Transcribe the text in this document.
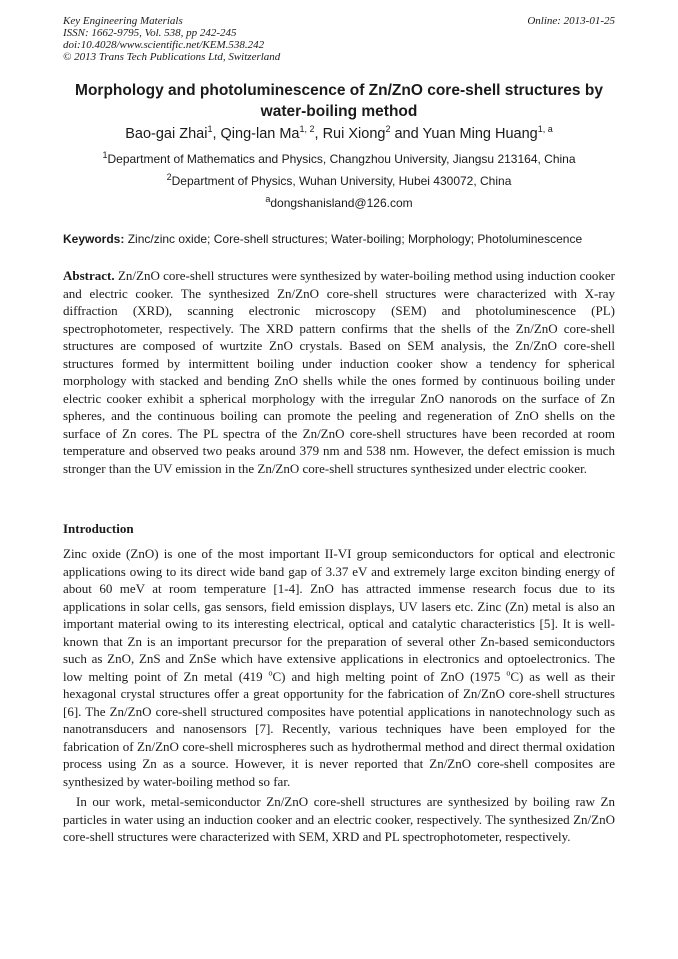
Key Engineering Materials
ISSN: 1662-9795, Vol. 538, pp 242-245
doi:10.4028/www.scientific.net/KEM.538.242
© 2013 Trans Tech Publications Ltd, Switzerland
Online: 2013-01-25
Morphology and photoluminescence of Zn/ZnO core-shell structures by
water-boiling method
Bao-gai Zhai$^1$, Qing-lan Ma$^{1, 2}$, Rui Xiong$^2$ and Yuan Ming Huang$^{1, a}$
$^1$Department of Mathematics and Physics, Changzhou University, Jiangsu 213164, China
$^2$Department of Physics, Wuhan University, Hubei 430072, China
$^a$dongshanisland@126.com
Keywords: Zinc/zinc oxide; Core-shell structures; Water-boiling; Morphology; Photoluminescence
Abstract. Zn/ZnO core-shell structures were synthesized by water-boiling method using induction cooker and electric cooker. The synthesized Zn/ZnO core-shell structures were characterized with X-ray diffraction (XRD), scanning electronic microscopy (SEM) and photoluminescence (PL) spectrophotometer, respectively. The XRD pattern confirms that the shells of the Zn/ZnO core-shell structures are composed of wurtzite ZnO crystals. Based on SEM analysis, the Zn/ZnO core-shell structures formed by intermittent boiling under induction cooker show a tendency for spherical morphology with stacked and bending ZnO shells while the ones formed by continuous boiling under electric cooker exhibit a spherical morphology with the irregular ZnO nanorods on the surface of Zn spheres, and the continuous boiling can promote the peeling and regeneration of ZnO shells on the surface of Zn cores. The PL spectra of the Zn/ZnO core-shell structures have been recorded at room temperature and observed two peaks around 379 nm and 538 nm. However, the defect emission is much stronger than the UV emission in the Zn/ZnO core-shell structures synthesized under electric cooker.
Introduction
Zinc oxide (ZnO) is one of the most important II-VI group semiconductors for optical and electronic applications owing to its direct wide band gap of 3.37 eV and extremely large exciton binding energy of about 60 meV at room temperature [1-4]. ZnO has attracted immense research focus due to its applications in solar cells, gas sensors, field emission displays, UV lasers etc. Zinc (Zn) metal is also an important material owing to its interesting electrical, optical and catalytic characteristics [5]. It is well-known that Zn is an important precursor for the preparation of several other Zn-based semiconductors such as ZnO, ZnS and ZnSe which have extensive applications in electronics and optoelectronics. The low melting point of Zn metal (419 $^o$C) and high melting point of ZnO (1975 $^o$C) as well as their hexagonal crystal structures offer a great opportunity for the fabrication of Zn/ZnO core-shell structures [6]. The Zn/ZnO core-shell structured composites have potential applications in nanotechnology such as nanotransducers and nanosensors [7]. Recently, various techniques have been employed for the fabrication of Zn/ZnO core-shell microspheres such as hydrothermal method and direct thermal oxidation process using Zn as a source. However, it is never reported that Zn/ZnO core-shell composites are synthesized by water-boiling method so far.
In our work, metal-semiconductor Zn/ZnO core-shell structures are synthesized by boiling raw Zn particles in water using an induction cooker and an electric cooker, respectively. The synthesized Zn/ZnO core-shell structures were characterized with SEM, XRD and PL spectrophotometer, respectively.
